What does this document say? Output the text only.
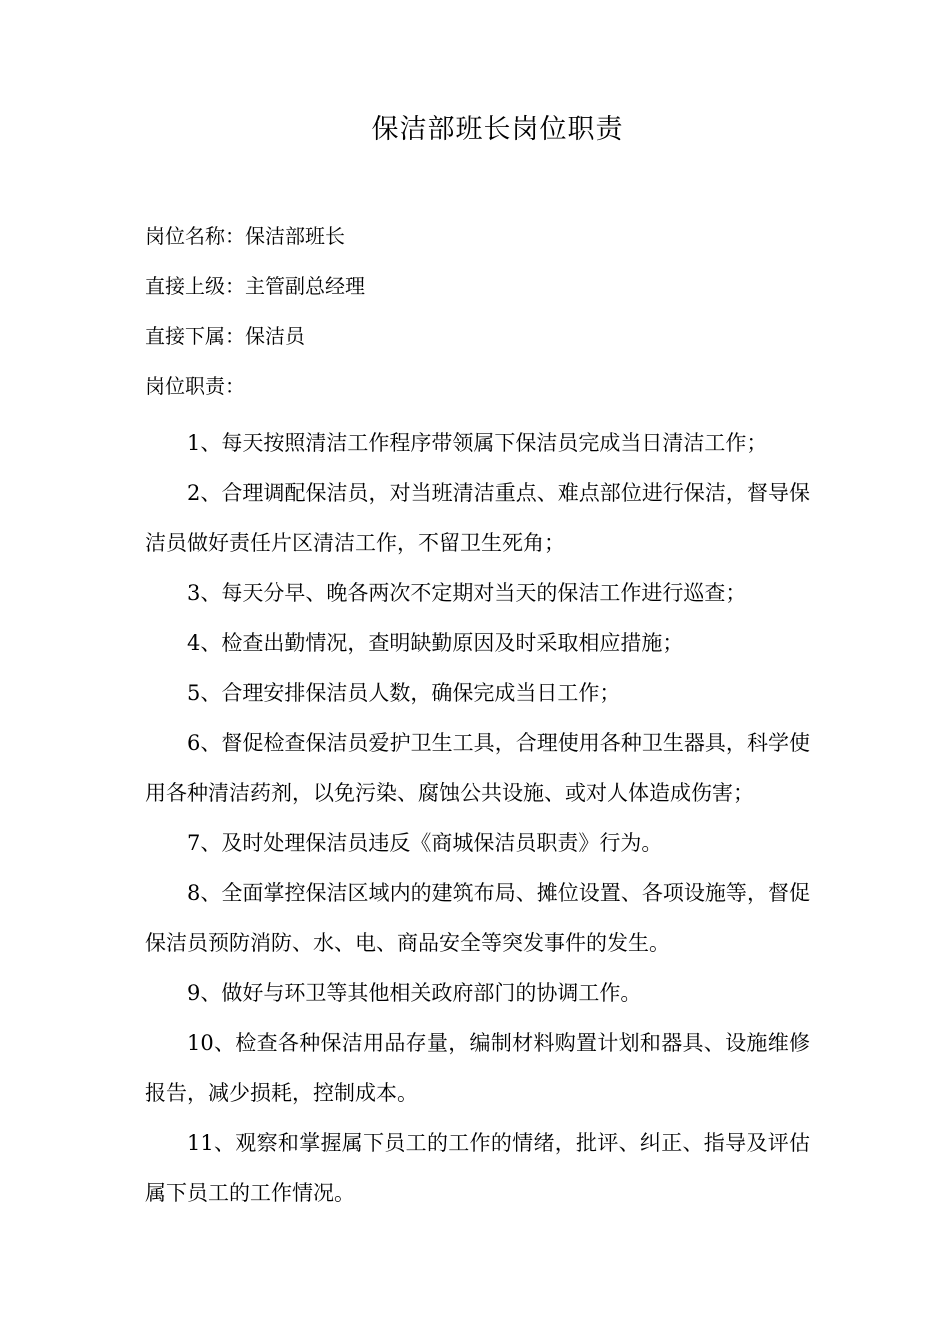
保洁部班长岗位职责
岗位名称：保洁部班长
直接上级：主管副总经理
直接下属：保洁员
岗位职责：
1、每天按照清洁工作程序带领属下保洁员完成当日清洁工作；
2、合理调配保洁员，对当班清洁重点、难点部位进行保洁，督导保洁员做好责任片区清洁工作，不留卫生死角；
3、每天分早、晚各两次不定期对当天的保洁工作进行巡查；
4、检查出勤情况，查明缺勤原因及时采取相应措施；
5、合理安排保洁员人数，确保完成当日工作；
6、督促检查保洁员爱护卫生工具，合理使用各种卫生器具，科学使用各种清洁药剂，以免污染、腐蚀公共设施、或对人体造成伤害；
7、及时处理保洁员违反《商城保洁员职责》行为。
8、全面掌控保洁区域内的建筑布局、摊位设置、各项设施等，督促保洁员预防消防、水、电、商品安全等突发事件的发生。
9、做好与环卫等其他相关政府部门的协调工作。
10、检查各种保洁用品存量，编制材料购置计划和器具、设施维修报告，减少损耗，控制成本。
11、观察和掌握属下员工的工作的情绪，批评、纠正、指导及评估属下员工的工作情况。
